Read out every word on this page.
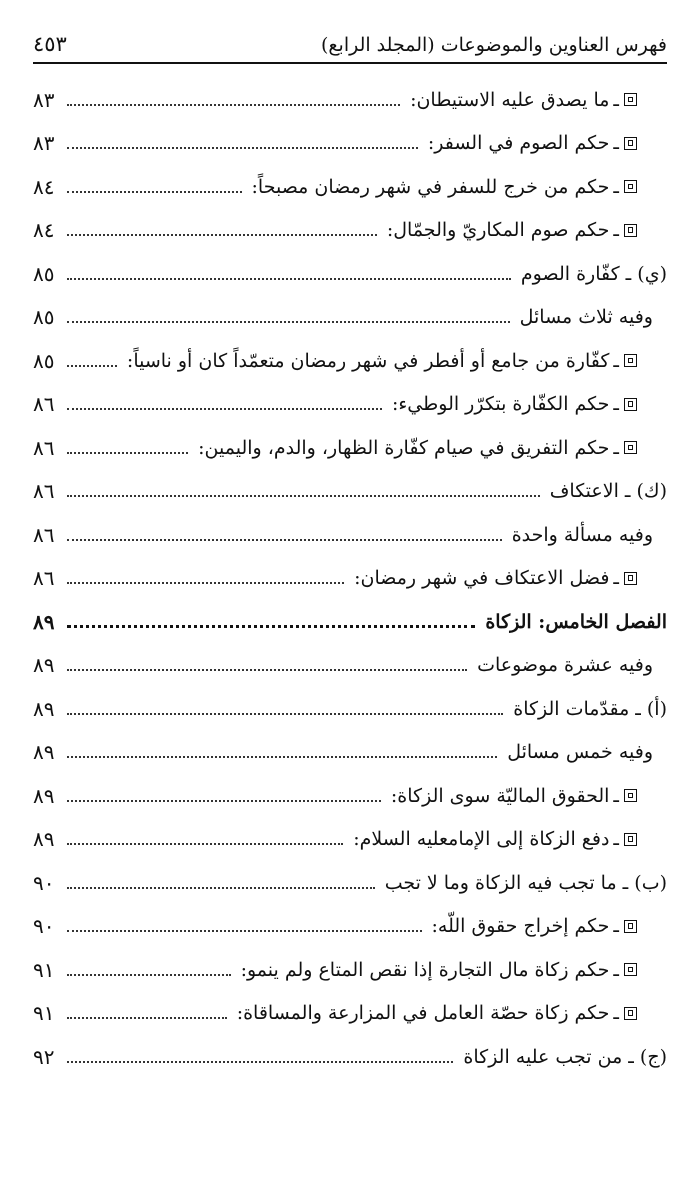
فهرس العناوين والموضوعات (المجلد الرابع)
٤٥٣
ـ
ما يصدق عليه الاستيطان:
٨٣
ـ
حكم الصوم في السفر:
٨٣
ـ
حكم من خرج للسفر في شهر رمضان مصبحاً:
٨٤
ـ
حكم صوم المكاريّ والجمّال:
٨٤
(ي) ـ كفّارة الصوم
٨٥
وفيه ثلاث مسائل
٨٥
ـ
كفّارة من جامع أو أفطر في شهر رمضان متعمّداً كان أو ناسياً:
٨٥
ـ
حكم الكفّارة بتكرّر الوطيء:
٨٦
ـ
حكم التفريق في صيام كفّارة الظهار، والدم، واليمين:
٨٦
(ك) ـ الاعتكاف
٨٦
وفيه مسألة واحدة
٨٦
ـ
فضل الاعتكاف في شهر رمضان:
٨٦
الفصل الخامس: الزكاة
٨٩
وفيه عشرة موضوعات
٨٩
(أ) ـ مقدّمات الزكاة
٨٩
وفيه خمس مسائل
٨٩
ـ
الحقوق الماليّة سوى الزكاة:
٨٩
ـ
دفع الزكاة إلى الإمامعليه السلام:
٨٩
(ب) ـ ما تجب فيه الزكاة وما لا تجب
٩٠
ـ
حكم إخراج حقوق اللّه:
٩٠
ـ
حكم زكاة مال التجارة إذا نقص المتاع ولم ينمو:
٩١
ـ
حكم زكاة حصّة العامل في المزارعة والمساقاة:
٩١
(ج) ـ من تجب عليه الزكاة
٩٢
